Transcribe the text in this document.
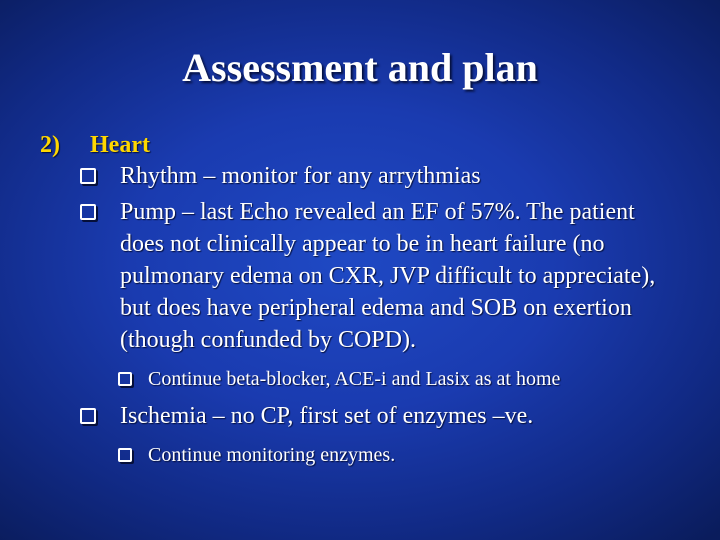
Assessment and plan
2)	Heart
Rhythm – monitor for any arrythmias
Pump – last Echo revealed an EF of 57%. The patient does not clinically appear to be in heart failure (no pulmonary edema on CXR, JVP difficult to appreciate), but does have peripheral edema and SOB on exertion (though confunded by COPD).
Continue beta-blocker, ACE-i and Lasix as at home
Ischemia – no CP, first set of enzymes –ve.
Continue monitoring enzymes.
